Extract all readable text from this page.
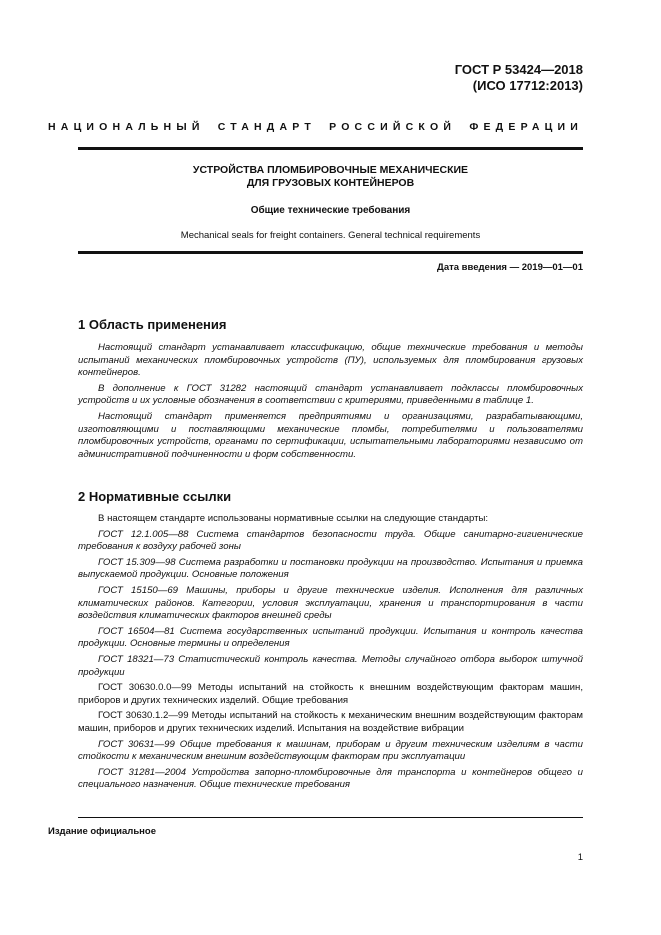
ГОСТ Р 53424—2018
(ИСО 17712:2013)
НАЦИОНАЛЬНЫЙ СТАНДАРТ РОССИЙСКОЙ ФЕДЕРАЦИИ
УСТРОЙСТВА ПЛОМБИРОВОЧНЫЕ МЕХАНИЧЕСКИЕ
ДЛЯ ГРУЗОВЫХ КОНТЕЙНЕРОВ
Общие технические требования
Mechanical seals for freight containers. General technical requirements
Дата введения — 2019—01—01
1 Область применения

Настоящий стандарт устанавливает классификацию, общие технические требования и методы испытаний механических пломбировочных устройств (ПУ), используемых для пломбирования грузовых контейнеров.

В дополнение к ГОСТ 31282 настоящий стандарт устанавливает подклассы пломбировочных устройств и их условные обозначения в соответствии с критериями, приведенными в таблице 1.

Настоящий стандарт применяется предприятиями и организациями, разрабатывающими, изготовляющими и поставляющими механические пломбы, потребителями и пользователями пломбировочных устройств, органами по сертификации, испытательными лабораториями независимо от административной подчиненности и форм собственности.

2 Нормативные ссылки

В настоящем стандарте использованы нормативные ссылки на следующие стандарты:

ГОСТ 12.1.005—88 Система стандартов безопасности труда. Общие санитарно-гигиенические требования к воздуху рабочей зоны

ГОСТ 15.309—98 Система разработки и постановки продукции на производство. Испытания и приемка выпускаемой продукции. Основные положения

ГОСТ 15150—69 Машины, приборы и другие технические изделия. Исполнения для различных климатических районов. Категории, условия эксплуатации, хранения и транспортирования в части воздействия климатических факторов внешней среды

ГОСТ 16504—81 Система государственных испытаний продукции. Испытания и контроль качества продукции. Основные термины и определения

ГОСТ 18321—73 Статистический контроль качества. Методы случайного отбора выборок штучной продукции

ГОСТ 30630.0.0—99 Методы испытаний на стойкость к внешним воздействующим факторам машин, приборов и других технических изделий. Общие требования

ГОСТ 30630.1.2—99 Методы испытаний на стойкость к механическим внешним воздействующим факторам машин, приборов и других технических изделий. Испытания на воздействие вибрации

ГОСТ 30631—99 Общие требования к машинам, приборам и другим техническим изделиям в части стойкости к механическим внешним воздействующим факторам при эксплуатации

ГОСТ 31281—2004 Устройства запорно-пломбировочные для транспорта и контейнеров общего и специального назначения. Общие технические требования

Издание официальное
1
